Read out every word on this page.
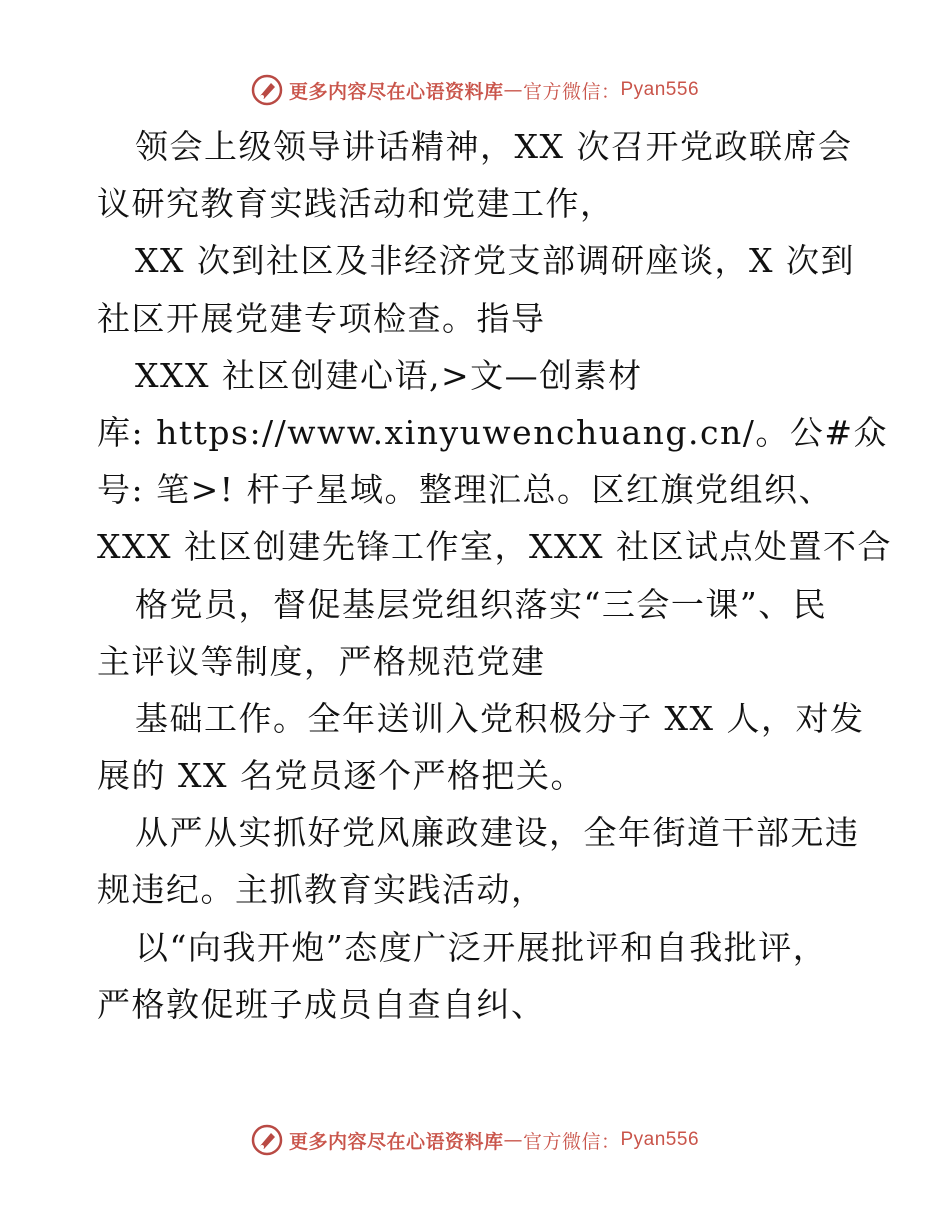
更多内容尽在心语资料库 — 官方微信： Pyan556
领会上级领导讲话精神，XX 次召开党政联席会
议研究教育实践活动和党建工作，
XX 次到社区及非经济党支部调研座谈，X 次到
社区开展党建专项检查。指导
XXX 社区创建心语,>文—创素材
库: https://www.xinyuwenchuang.cn/。公#众
号: 笔>! 杆子星域。整理汇总。区红旗党组织、
XXX 社区创建先锋工作室，XXX 社区试点处置不合
格党员，督促基层党组织落实“三会一课”、民
主评议等制度，严格规范党建
基础工作。全年送训入党积极分子 XX 人，对发
展的 XX 名党员逐个严格把关。
从严从实抓好党风廉政建设，全年街道干部无违
规违纪。主抓教育实践活动，
以“向我开炮”态度广泛开展批评和自我批评，
严格敦促班子成员自查自纠、
更多内容尽在心语资料库 — 官方微信： Pyan556
